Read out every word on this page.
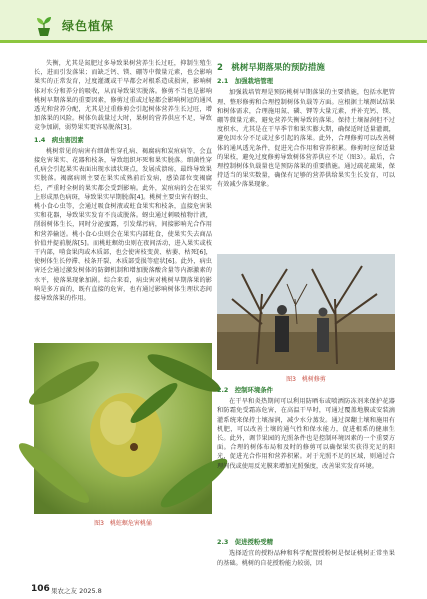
绿色植保

失衡，尤其是氮肥过多导致果树营养生长过旺，抑制生殖生长，进而引发落果；而缺乏钙、镁、硼等中微量元素，也会影响果实的正常发育，过度灌溉或干旱都会对根系造成损害，影响树体对水分和养分的吸收，从而导致果实脱落。修剪不当也是影响桃树早期落果的重要因素，修剪过重或过轻都会影响树冠的通风透光和营养分配，尤其是过重修剪会引起树体营养生长过旺，增加落果的风险。树体负载量过大时，果树的营养供应不足，导致竞争加剧，弱势果实更容易脱落[3]。

1.4　病虫害因素

桃树常见的病害有细菌性穿孔病、褐腐病和炭疽病等，会直接危害果实、花器和枝条，导致组织坏死和果实脱落。细菌性穿孔病会引起果实表面出现水渍状斑点，发展成溃疡，最终导致果实脱落。褐腐病则主要在果实成熟前后发病，感染部位变褐腐烂，严重时全树的果实都会受到影响。此外，炭疽病的会在果实上形成黑色病斑，导致果实早期脱落[4]。桃树主要虫害有蚜虫、桃小食心虫等，会通过吸食树液或蛀食果实和枝条，直接危害果实和花器，导致果实发育不良或脱落。蚜虫通过刺吸植物汁液，削弱树体生长，同时分泌蜜露，引发煤污病，间接影响光合作用和营养输送。桃小食心虫则会在果实内部蛀食，使果实失去商品价值并提前脱落[5]。而桃蛀螟幼虫则在夜间活动，进入果实或枝干内部，啃食果肉或木质部，也会使害枝变黄、枯萎、枯死[6]，使树体生长停滞、枝条开裂、木质部受损等症状[6]。此外，病虫害还会通过激发树体的防御机制和增加脱落酸含量等内源激素的水平，使落果现象加剧。综合来看，病虫害对桃树早期落果的影响是多方面的，既有直接的危害，也有通过影响树体生理状态间接导致落果的作用。

图3　桃蛀螟危害桃俑
2　桃树早期落果的预防措施
2.1　加强栽培管理

加强栽培管理是预防桃树早期落果的主要措施，包括水肥管理、整形修剪和合理控制树体负载等方面。应根据土壤测试结果和树体需求，合理施用氮、磷、钾等大量元素，并补充钙、镁、硼等微量元素，避免营养失衡导致的落果。保持土壤湿润但不过度积水，尤其是在干旱季节和果实膨大期，确保适时适量灌溉，避免因水分不足或过多引起的落果。此外，合理修剪可以改善树体的通风透光条件，促进光合作用和营养积累。修剪时应留适量的果枝，避免过度修剪导致树体营养供应不足（图3）。最后，合理控制树体负载量也是预防落果的重要措施。通过疏花疏果，保持适当的果实数量，确保有足够的营养供给果实生长发育，可以有效减少落果现象。

图3　桃树修剪
2.2　控制环境条件

在干旱和炎热期间可以利用防晒布或喷洒防冻剂来保护花器和防霜免受霜冻危害，在高温干旱时，可通过覆盖地膜或安装滴灌系统来保持土壤湿润，减少水分蒸发。通过深翻土壤和施用有机肥，可以改善土壤的通气性和保水能力，促进根系的健康生长。此外，调节果园的光照条件也是控制环境因素的一个重要方面。合理的树体布局和及时的修剪可以确保果实获得充足的阳光，促进光合作用和营养积累。对于光照不足的区域，则通过合理间伐或使用反光膜来增加光照强度，改善果实发育环境。

2.3　促进授粉受精

选择适宜的授粉品种和科学配置授粉树是保证桃树正常坐果的基础。桃树的自花授粉能力较弱，因

106 果农之友 2025.8
